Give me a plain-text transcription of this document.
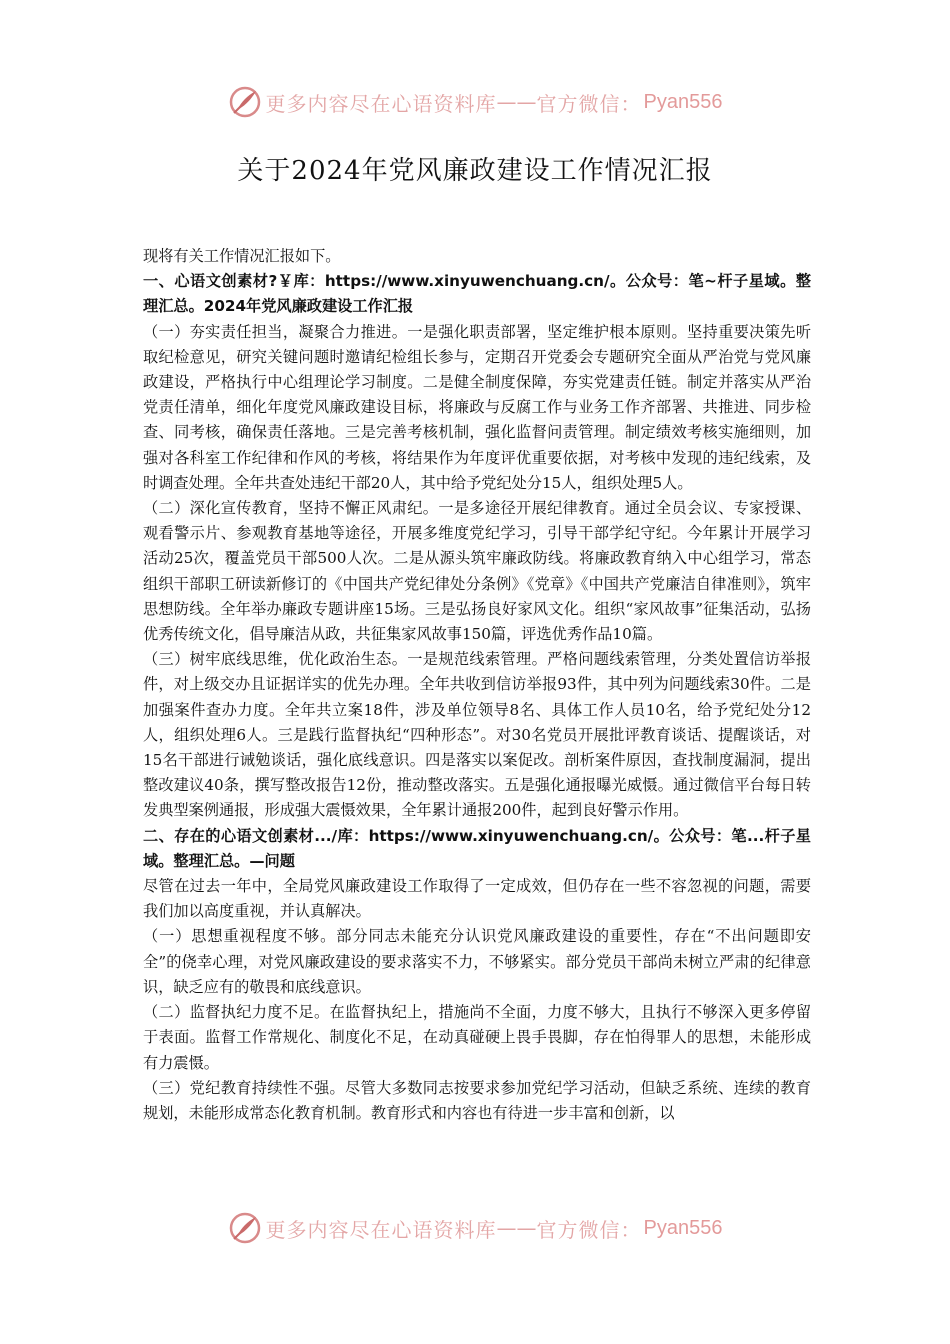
更多内容尽在心语资料库 —— 官方微信： Pyan556
关于2024年党风廉政建设工作情况汇报

现将有关工作情况汇报如下。

一、心语文创素材?￥库：https://www.xinyuwenchuang.cn/。公众号：笔~杆子星域。整理汇总。2024年党风廉政建设工作汇报

（一）夯实责任担当，凝聚合力推进。一是强化职责部署，坚定维护根本原则。坚持重要决策先听取纪检意见，研究关键问题时邀请纪检组长参与，定期召开党委会专题研究全面从严治党与党风廉政建设，严格执行中心组理论学习制度。二是健全制度保障，夯实党建责任链。制定并落实从严治党责任清单，细化年度党风廉政建设目标，将廉政与反腐工作与业务工作齐部署、共推进、同步检查、同考核，确保责任落地。三是完善考核机制，强化监督问责管理。制定绩效考核实施细则，加强对各科室工作纪律和作风的考核，将结果作为年度评优重要依据，对考核中发现的违纪线索，及时调查处理。全年共查处违纪干部20人，其中给予党纪处分15人，组织处理5人。

（二）深化宣传教育，坚持不懈正风肃纪。一是多途径开展纪律教育。通过全员会议、专家授课、观看警示片、参观教育基地等途径，开展多维度党纪学习，引导干部学纪守纪。今年累计开展学习活动25次，覆盖党员干部500人次。二是从源头筑牢廉政防线。将廉政教育纳入中心组学习，常态组织干部职工研读新修订的《中国共产党纪律处分条例》《党章》《中国共产党廉洁自律准则》，筑牢思想防线。全年举办廉政专题讲座15场。三是弘扬良好家风文化。组织“家风故事”征集活动，弘扬优秀传统文化，倡导廉洁从政，共征集家风故事150篇，评选优秀作品10篇。

（三）树牢底线思维，优化政治生态。一是规范线索管理。严格问题线索管理，分类处置信访举报件，对上级交办且证据详实的优先办理。全年共收到信访举报93件，其中列为问题线索30件。二是加强案件查办力度。全年共立案18件，涉及单位领导8名、具体工作人员10名，给予党纪处分12人，组织处理6人。三是践行监督执纪“四种形态”。对30名党员开展批评教育谈话、提醒谈话，对15名干部进行诫勉谈话，强化底线意识。四是落实以案促改。剖析案件原因，查找制度漏洞，提出整改建议40条，撰写整改报告12份，推动整改落实。五是强化通报曝光威慑。通过微信平台每日转发典型案例通报，形成强大震慑效果，全年累计通报200件，起到良好警示作用。

二、存在的心语文创素材.../库：https://www.xinyuwenchuang.cn/。公众号：笔...杆子星域。整理汇总。—问题

尽管在过去一年中，全局党风廉政建设工作取得了一定成效，但仍存在一些不容忽视的问题，需要我们加以高度重视，并认真解决。

（一）思想重视程度不够。部分同志未能充分认识党风廉政建设的重要性，存在“不出问题即安全”的侥幸心理，对党风廉政建设的要求落实不力，不够紧实。部分党员干部尚未树立严肃的纪律意识，缺乏应有的敬畏和底线意识。

（二）监督执纪力度不足。在监督执纪上，措施尚不全面，力度不够大，且执行不够深入更多停留于表面。监督工作常规化、制度化不足，在动真碰硬上畏手畏脚，存在怕得罪人的思想，未能形成有力震慑。

（三）党纪教育持续性不强。尽管大多数同志按要求参加党纪学习活动，但缺乏系统、连续的教育规划，未能形成常态化教育机制。教育形式和内容也有待进一步丰富和创新，以

更多内容尽在心语资料库 —— 官方微信： Pyan556
